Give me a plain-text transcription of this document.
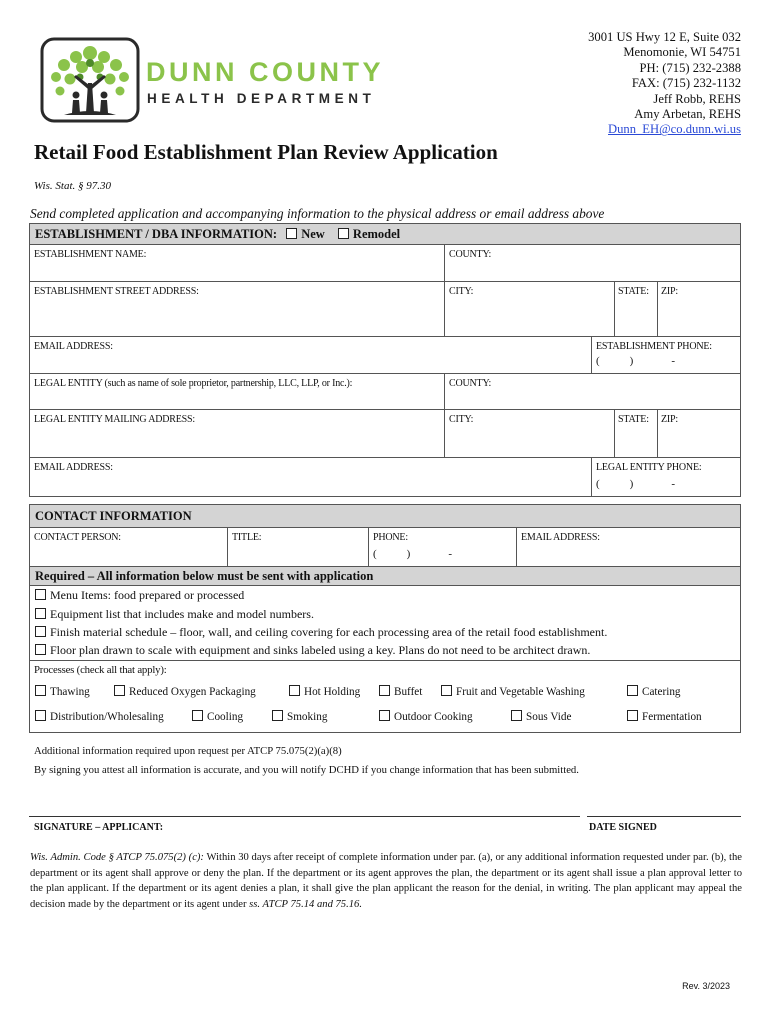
DUNN COUNTY
HEALTH DEPARTMENT
3001 US Hwy 12 E, Suite 032
Menomonie, WI 54751
PH: (715) 232-2388
FAX: (715) 232-1132
Jeff Robb, REHS
Amy Arbetan, REHS
Dunn_EH@co.dunn.wi.us
Retail Food Establishment Plan Review Application
Wis. Stat. § 97.30
Send completed application and accompanying information to the physical address or email address above
ESTABLISHMENT / DBA INFORMATION: New Remodel
ESTABLISHMENT NAME:	COUNTY:
ESTABLISHMENT STREET ADDRESS:	CITY:	STATE: ZIP:
EMAIL ADDRESS:	ESTABLISHMENT PHONE:
(	)	-
LEGAL ENTITY (such as name of sole proprietor, partnership, LLC, LLP, or Inc.):	COUNTY:
LEGAL ENTITY MAILING ADDRESS:	CITY:	STATE: ZIP:
EMAIL ADDRESS:	LEGAL ENTITY PHONE:
(	)	-
CONTACT INFORMATION
CONTACT PERSON:	TITLE:	PHONE:	EMAIL ADDRESS:
(	)	-
Required – All information below must be sent with application
Menu Items: food prepared or processed
Equipment list that includes make and model numbers.
Finish material schedule – floor, wall, and ceiling covering for each processing area of the retail food establishment.
Floor plan drawn to scale with equipment and sinks labeled using a key. Plans do not need to be architect drawn.
Processes (check all that apply):
Thawing	Reduced Oxygen Packaging	Hot Holding	Buffet	Fruit and Vegetable Washing	Catering
Distribution/Wholesaling	Cooling	Smoking	Outdoor Cooking	Sous Vide	Fermentation
Additional information required upon request per ATCP 75.075(2)(a)(8)
By signing you attest all information is accurate, and you will notify DCHD if you change information that has been submitted.
SIGNATURE – APPLICANT:	DATE SIGNED
Wis. Admin. Code § ATCP 75.075(2) (c): Within 30 days after receipt of complete information under par. (a), or any additional information requested under par. (b), the department or its agent shall approve or deny the plan. If the department or its agent approves the plan, the department or its agent shall issue a plan approval letter to the plan applicant. If the department or its agent denies a plan, it shall give the plan applicant the reason for the denial, in writing. The plan applicant may appeal the decision made by the department or its agent under ss. ATCP 75.14 and 75.16.
Rev. 3/2023
